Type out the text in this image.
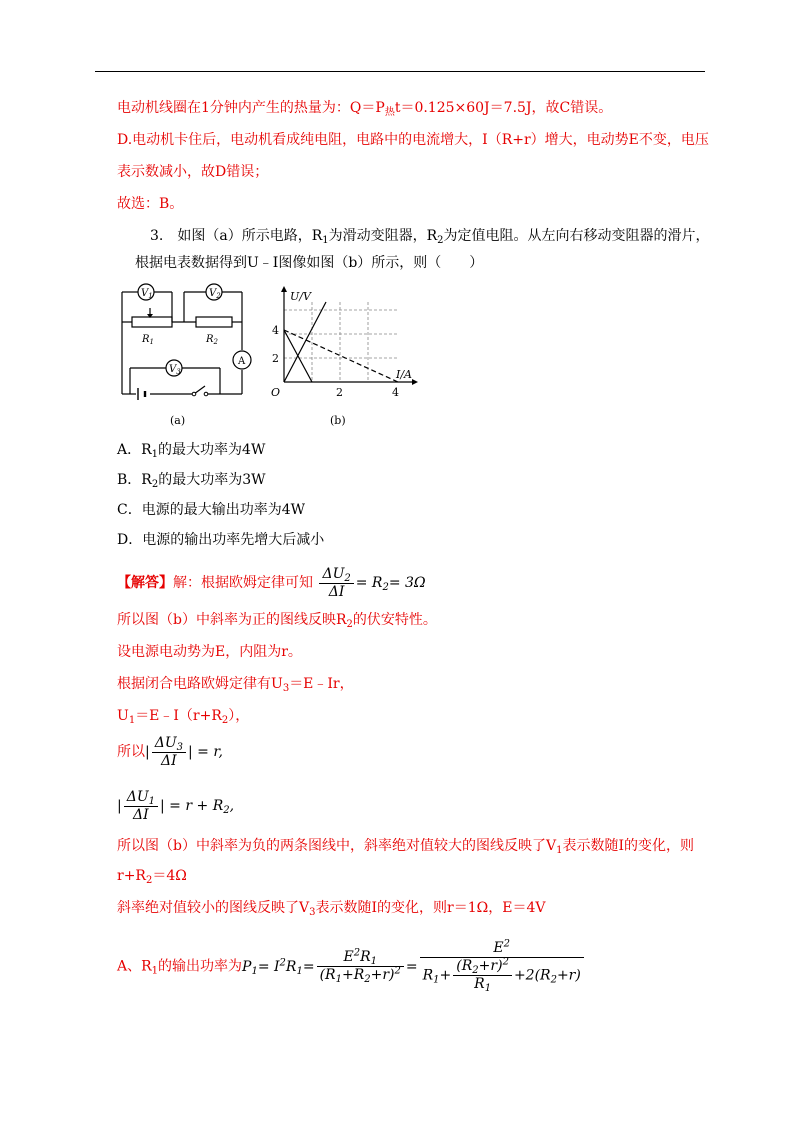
电动机线圈在1分钟内产生的热量为：$Q=P_热t=0.125\times 60J=7.5J$，故C错误。
D.电动机卡住后，电动机看成纯电阻，电路中的电流增大，I（R+r）增大，电动势E不变，电压
表示数减小，故D错误；
故选：B。
3.　如图（a）所示电路，$R_1$为滑动变阻器，$R_2$为定值电阻。从左向右移动变阻器的滑片，
根据电表数据得到U﹣I图像如图（b）所示，则（　　）
$V_1$	$V_2$
$V_3$
$R_1$	$R_2$
A
(a)
U/V
I/A
O
4
2
2	4
(b)
A．$R_1$的最大功率为4W
B．$R_2$的最大功率为3W
C．电源的最大输出功率为4W
D．电源的输出功率先增大后减小
【解答】解：根据欧姆定律可知 $\frac{\Delta U_2}{\Delta I} = R_2= 3\Omega$
所以图（b）中斜率为正的图线反映$R_2$的伏安特性。
设电源电动势为E，内阻为r。
根据闭合电路欧姆定律有$U_3=E﹣Ir$，
$U_1=E﹣I(r+R_2)$，
所以| $\frac{\Delta U_3}{\Delta I}$ | = r,
| $\frac{\Delta U_1}{\Delta I}$ | = $r + R_2$,
所以图（b）中斜率为负的两条图线中，斜率绝对值较大的图线反映了$V_1$表示数随I的变化，则
$r+R_2=4\Omega$
斜率绝对值较小的图线反映了$V_3$表示数随I的变化，则r＝1Ω，E＝4V
A、$R_1$的输出功率为$P_1= I^2R_1= \frac{E^2R_1}{(R_1+R_2+r)^2} = \frac{E^2}{R_1+ \frac{(R_2+r)^2}{R_1} +2(R_2+r)}$
